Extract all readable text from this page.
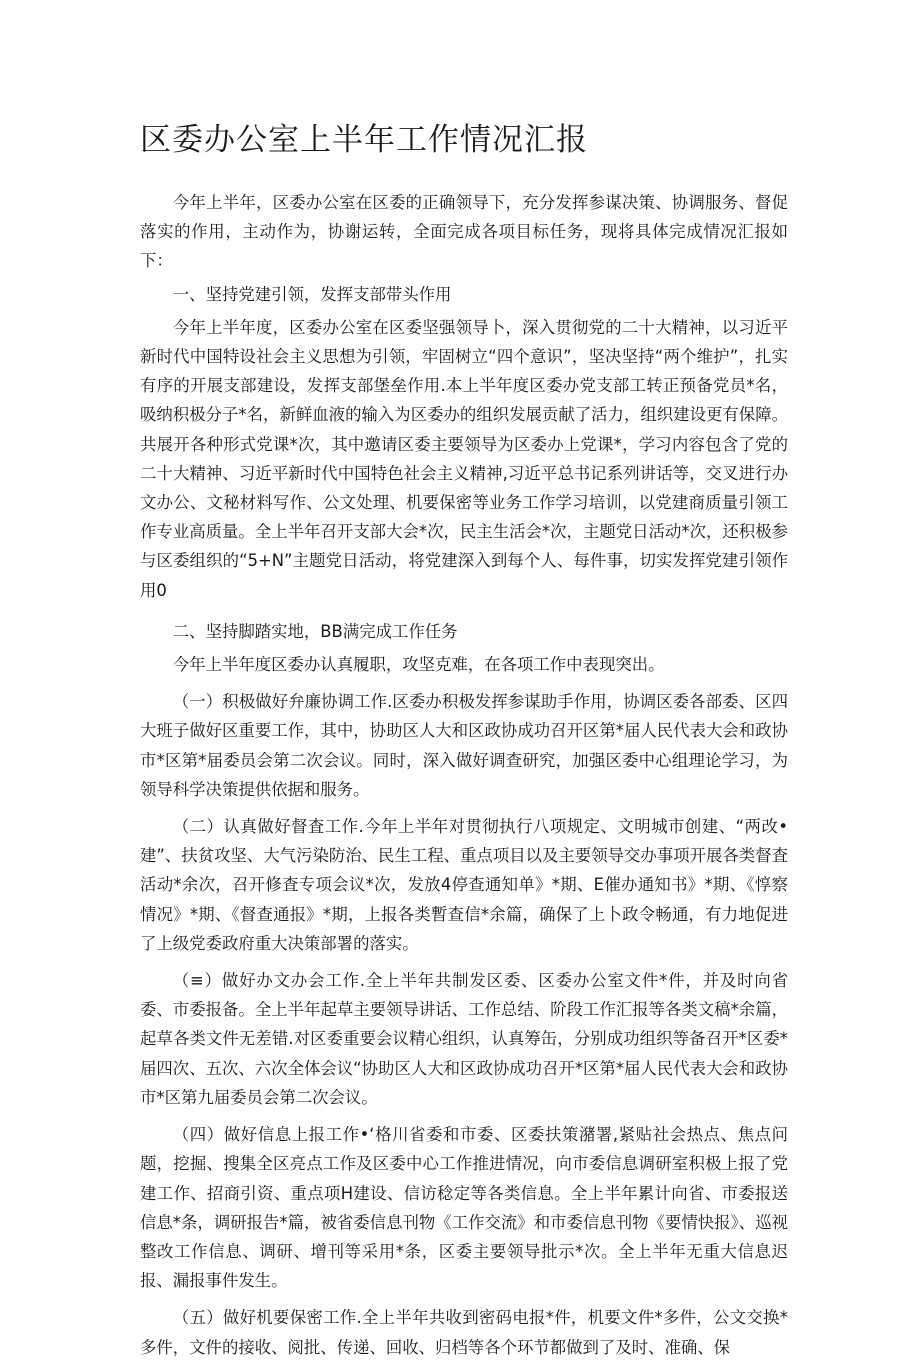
区委办公室上半年工作情况汇报

今年上半年，区委办公室在区委的正确领导下，充分发挥参谋决策、协调服务、督促落实的作用，主动作为，协谢运转，全面完成各项目标任务，现将具体完成情况汇报如下：

一、坚持党建引领，发挥支部带头作用

今年上半年度，区委办公室在区委坚强领导卜，深入贯彻党的二十大精神，以习近平新时代中国特设社会主义思想为引领，牢固树立“四个意识”，坚决坚持“两个维护”，扎实有序的开展支部建设，发挥支部堡垒作用.本上半年度区委办党支部工转正预备党员*名，吸纳积极分子*名，新鲜血液的输入为区委办的组织发展贡献了活力，组织建设更有保障。共展开各种形式党课*次，其中邀请区委主要领导为区委办上党课*，学习内容包含了党的二十大精神、习近平新时代中国特色社会主义精神,习近平总书记系列讲话等，交叉进行办文办公、文秘材料写作、公文处理、机要保密等业务工作学习培训，以党建商质量引领工作专业高质量。全上半年召开支部大会*次，民主生活会*次，主题党日活动*次，还积极参与区委组织的“5+N”主题党日活动，将党建深入到每个人、每件事，切实发挥党建引领作用0

二、坚持脚踏实地，BB满完成工作任务

今年上半年度区委办认真履职，攻坚克难，在各项工作中表现突出。

（一）积极做好弁廉协调工作.区委办积极发挥参谋助手作用，协调区委各部委、区四大班子做好区重要工作，其中，协助区人大和区政协成功召开区第*届人民代表大会和政协市*区第*届委员会第二次会议。同时，深入做好调查研究，加强区委中心组理论学习，为领导科学决策提供依据和服务。

（二）认真做好督査工作.今年上半年对贯彻执行八项规定、文明城市创建、“两改•建”、扶贫攻坚、大气污染防治、民生工程、重点项目以及主要领导交办事项开展各类督査活动*余次，召开修査专项会议*次，发放4停查通知单》*期、E催办通知书》*期、《惇察情况》*期、《督查通报》*期，上报各类暫查信*余篇，确保了上卜政令畅通，有力地促进了上级党委政府重大决策部署的落实。

（≡）做好办文办会工作.全上半年共制发区委、区委办公室文件*件，并及时向省委、市委报备。全上半年起草主要领导讲话、工作总结、阶段工作汇报等各类文稿*余篇，起草各类文件无差错.对区委重要会议精心组织，认真筹缶，分别成功组织等备召开*区委*届四次、五次、六次全体会议“协助区人大和区政协成功召开*区第*届人民代表大会和政协市*区第九届委员会第二次会议。

（四）做好信息上报工作•‘格川省委和市委、区委扶策潴署,紧贴社会热点、焦点问题，挖掘、搜集全区亮点工作及区委中心工作推进情况，向市委信息调研室积极上报了党建工作、招商引资、重点项H建设、信访稔定等各类信息。全上半年累计向省、市委报送信息*条，调研报告*篇，被省委信息刊物《工作交流》和市委信息刊物《要情快报》、巡视整改工作信息、调研、增刊等采用*条，区委主要领导批示*次。全上半年无重大信息迟报、漏报事件发生。

（五）做好机要保密工作.全上半年共收到密码电报*件，机要文件*多件，公文交换*多件，文件的接收、阅批、传递、回收、归档等各个环节都做到了及时、准确、保
